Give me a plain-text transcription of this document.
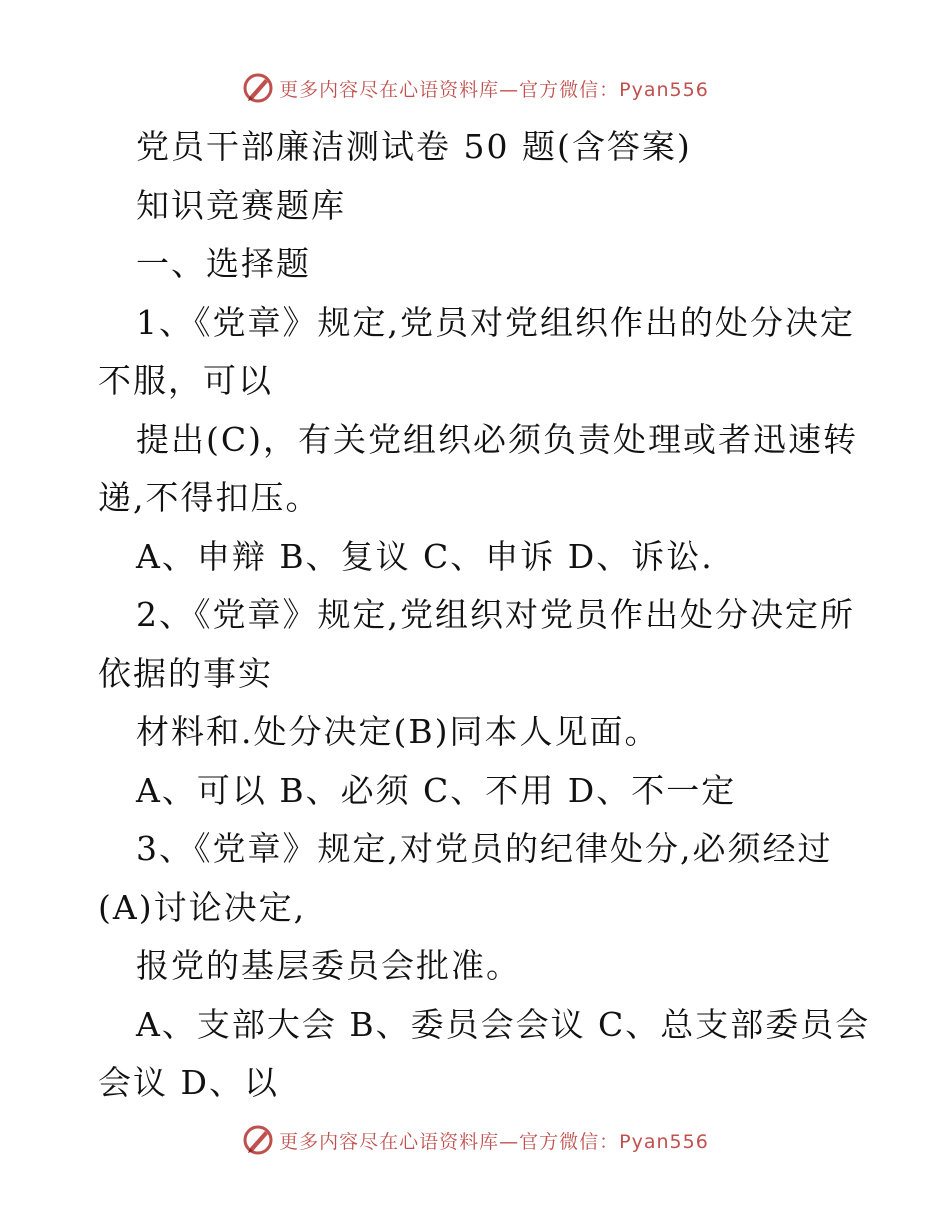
更多内容尽在心语资料库—官方微信：Pyan556
党员干部廉洁测试卷 50 题(含答案)
知识竞赛题库
一、选择题
1、《党章》规定,党员对党组织作出的处分决定
不服，可以
提出(C)，有关党组织必须负责处理或者迅速转
递,不得扣压。
A、申辩 B、复议 C、申诉 D、诉讼.
2、《党章》规定,党组织对党员作出处分决定所
依据的事实
材料和.处分决定(B)同本人见面。
A、可以 B、必须 C、不用 D、不一定
3、《党章》规定,对党员的纪律处分,必须经过
(A)讨论决定,
报党的基层委员会批准。
A、支部大会 B、委员会会议 C、总支部委员会
会议 D、以
更多内容尽在心语资料库—官方微信：Pyan556
